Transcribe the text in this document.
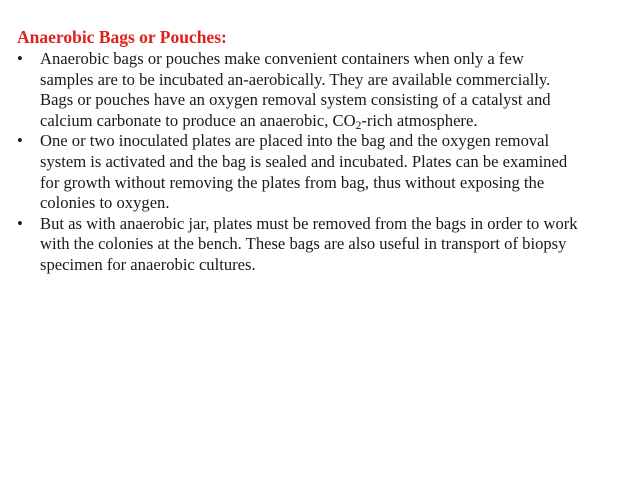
Anaerobic Bags or Pouches:
•	Anaerobic bags or pouches make convenient containers when only a few
samples are to be incubated an-aerobically. They are available commercially.
Bags or pouches have an oxygen removal system consisting of a catalyst and
calcium carbonate to produce an anaerobic, $CO_2$-rich atmosphere.
•	One or two inoculated plates are placed into the bag and the oxygen removal
system is activated and the bag is sealed and incubated. Plates can be examined
for growth without removing the plates from bag, thus without exposing the
colonies to oxygen.
•	But as with anaerobic jar, plates must be removed from the bags in order to work
with the colonies at the bench. These bags are also useful in transport of biopsy
specimen for anaerobic cultures.
